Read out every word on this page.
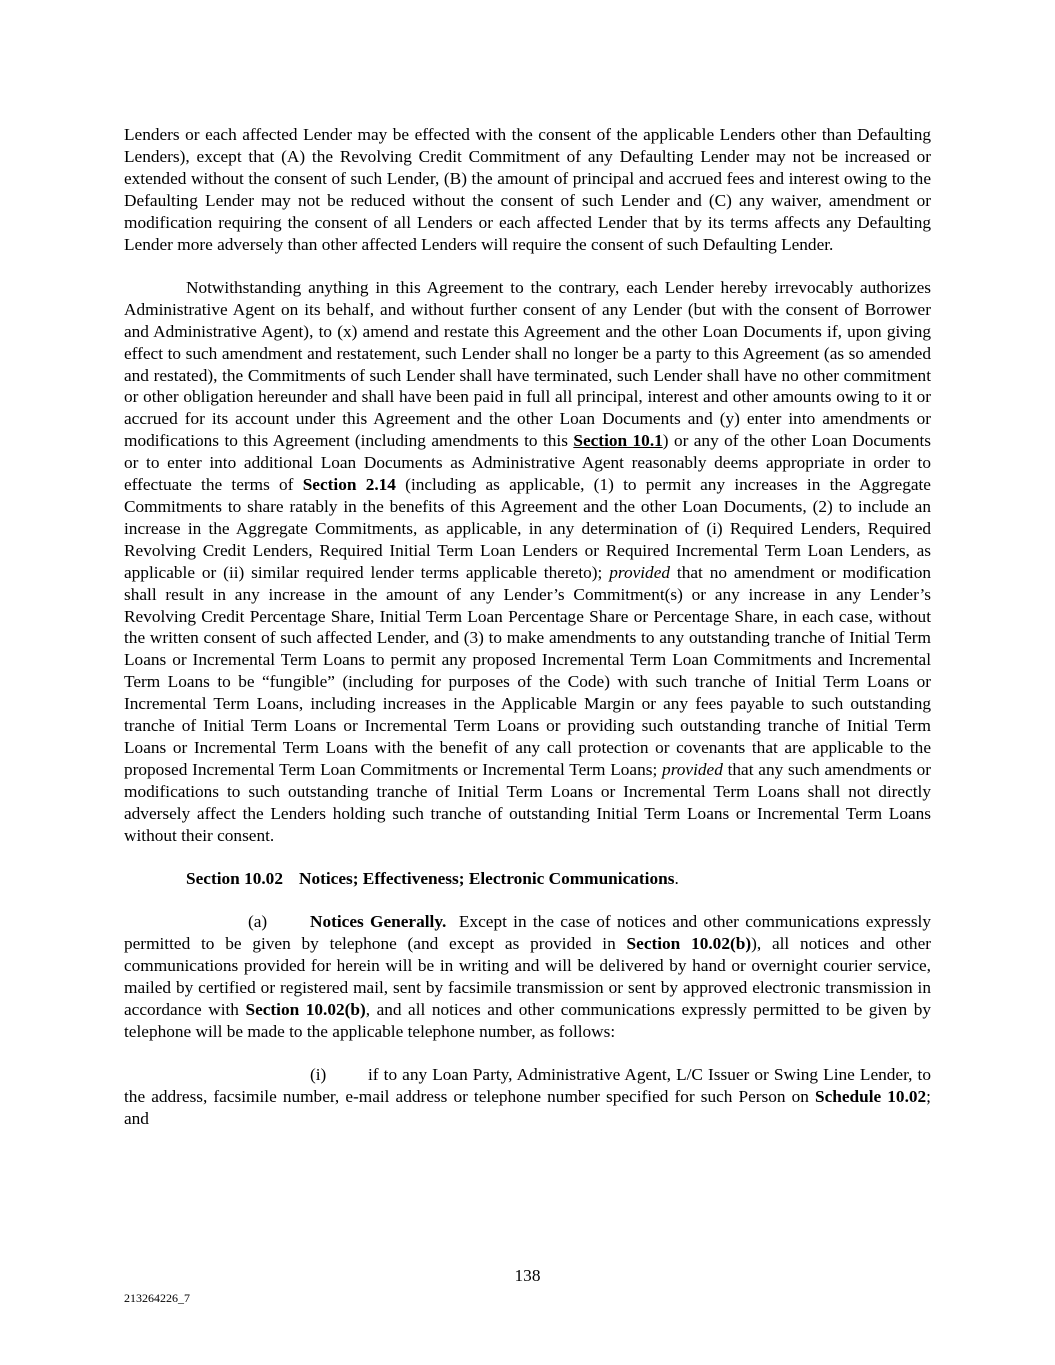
Lenders or each affected Lender may be effected with the consent of the applicable Lenders other than Defaulting Lenders), except that (A) the Revolving Credit Commitment of any Defaulting Lender may not be increased or extended without the consent of such Lender, (B) the amount of principal and accrued fees and interest owing to the Defaulting Lender may not be reduced without the consent of such Lender and (C) any waiver, amendment or modification requiring the consent of all Lenders or each affected Lender that by its terms affects any Defaulting Lender more adversely than other affected Lenders will require the consent of such Defaulting Lender.

Notwithstanding anything in this Agreement to the contrary, each Lender hereby irrevocably authorizes Administrative Agent on its behalf, and without further consent of any Lender (but with the consent of Borrower and Administrative Agent), to (x) amend and restate this Agreement and the other Loan Documents if, upon giving effect to such amendment and restatement, such Lender shall no longer be a party to this Agreement (as so amended and restated), the Commitments of such Lender shall have terminated, such Lender shall have no other commitment or other obligation hereunder and shall have been paid in full all principal, interest and other amounts owing to it or accrued for its account under this Agreement and the other Loan Documents and (y) enter into amendments or modifications to this Agreement (including amendments to this Section 10.1) or any of the other Loan Documents or to enter into additional Loan Documents as Administrative Agent reasonably deems appropriate in order to effectuate the terms of Section 2.14 (including as applicable, (1) to permit any increases in the Aggregate Commitments to share ratably in the benefits of this Agreement and the other Loan Documents, (2) to include an increase in the Aggregate Commitments, as applicable, in any determination of (i) Required Lenders, Required Revolving Credit Lenders, Required Initial Term Loan Lenders or Required Incremental Term Loan Lenders, as applicable or (ii) similar required lender terms applicable thereto); provided that no amendment or modification shall result in any increase in the amount of any Lender’s Commitment(s) or any increase in any Lender’s Revolving Credit Percentage Share, Initial Term Loan Percentage Share or Percentage Share, in each case, without the written consent of such affected Lender, and (3) to make amendments to any outstanding tranche of Initial Term Loans or Incremental Term Loans to permit any proposed Incremental Term Loan Commitments and Incremental Term Loans to be “fungible” (including for purposes of the Code) with such tranche of Initial Term Loans or Incremental Term Loans, including increases in the Applicable Margin or any fees payable to such outstanding tranche of Initial Term Loans or Incremental Term Loans or providing such outstanding tranche of Initial Term Loans or Incremental Term Loans with the benefit of any call protection or covenants that are applicable to the proposed Incremental Term Loan Commitments or Incremental Term Loans; provided that any such amendments or modifications to such outstanding tranche of Initial Term Loans or Incremental Term Loans shall not directly adversely affect the Lenders holding such tranche of outstanding Initial Term Loans or Incremental Term Loans without their consent.

Section 10.02 Notices; Effectiveness; Electronic Communications.

(a) Notices Generally.  Except in the case of notices and other communications expressly permitted to be given by telephone (and except as provided in Section 10.02(b)), all notices and other communications provided for herein will be in writing and will be delivered by hand or overnight courier service, mailed by certified or registered mail, sent by facsimile transmission or sent by approved electronic transmission in accordance with Section 10.02(b), and all notices and other communications expressly permitted to be given by telephone will be made to the applicable telephone number, as follows:

(i) if to any Loan Party, Administrative Agent, L/C Issuer or Swing Line Lender, to the address, facsimile number, e-mail address or telephone number specified for such Person on Schedule 10.02; and

138
213264226_7
